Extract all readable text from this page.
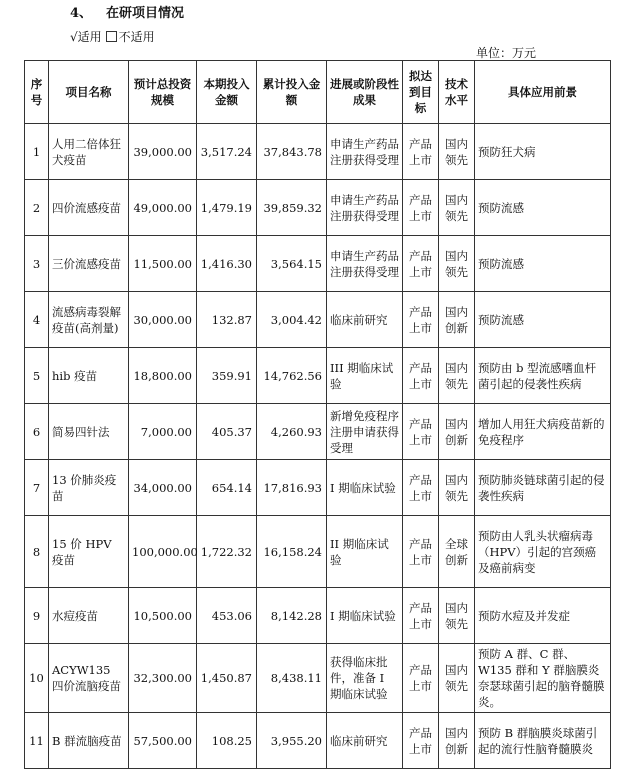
4、 在研项目情况
√适用 不适用
单位：万元
序号	项目名称	预计总投资规模	本期投入金额	累计投入金额	进展或阶段性成果	拟达到目标	技术水平	具体应用前景
1	人用二倍体狂犬疫苗	39,000.00	3,517.24	37,843.78	申请生产药品注册获得受理	产品上市	国内领先	预防狂犬病
2	四价流感疫苗	49,000.00	1,479.19	39,859.32	申请生产药品注册获得受理	产品上市	国内领先	预防流感
3	三价流感疫苗	11,500.00	1,416.30	3,564.15	申请生产药品注册获得受理	产品上市	国内领先	预防流感
4	流感病毒裂解疫苗(高剂量)	30,000.00	132.87	3,004.42	临床前研究	产品上市	国内创新	预防流感
5	hib 疫苗	18,800.00	359.91	14,762.56	III 期临床试验	产品上市	国内领先	预防由 b 型流感嗜血杆菌引起的侵袭性疾病
6	简易四针法	7,000.00	405.37	4,260.93	新增免疫程序注册申请获得受理	产品上市	国内创新	增加人用狂犬病疫苗新的免疫程序
7	13 价肺炎疫苗	34,000.00	654.14	17,816.93	I 期临床试验	产品上市	国内领先	预防肺炎链球菌引起的侵袭性疾病
8	15 价 HPV 疫苗	100,000.00	1,722.32	16,158.24	II 期临床试验	产品上市	全球创新	预防由人乳头状瘤病毒（HPV）引起的宫颈癌及癌前病变
9	水痘疫苗	10,500.00	453.06	8,142.28	I 期临床试验	产品上市	国内领先	预防水痘及并发症
10	ACYW135 四价流脑疫苗	32,300.00	1,450.87	8,438.11	获得临床批件，准备 I 期临床试验	产品上市	国内领先	预防 A 群、C 群、W135 群和 Y 群脑膜炎奈瑟球菌引起的脑脊髓膜炎。
11	B 群流脑疫苗	57,500.00	108.25	3,955.20	临床前研究	产品上市	国内创新	预防 B 群脑膜炎球菌引起的流行性脑脊髓膜炎
